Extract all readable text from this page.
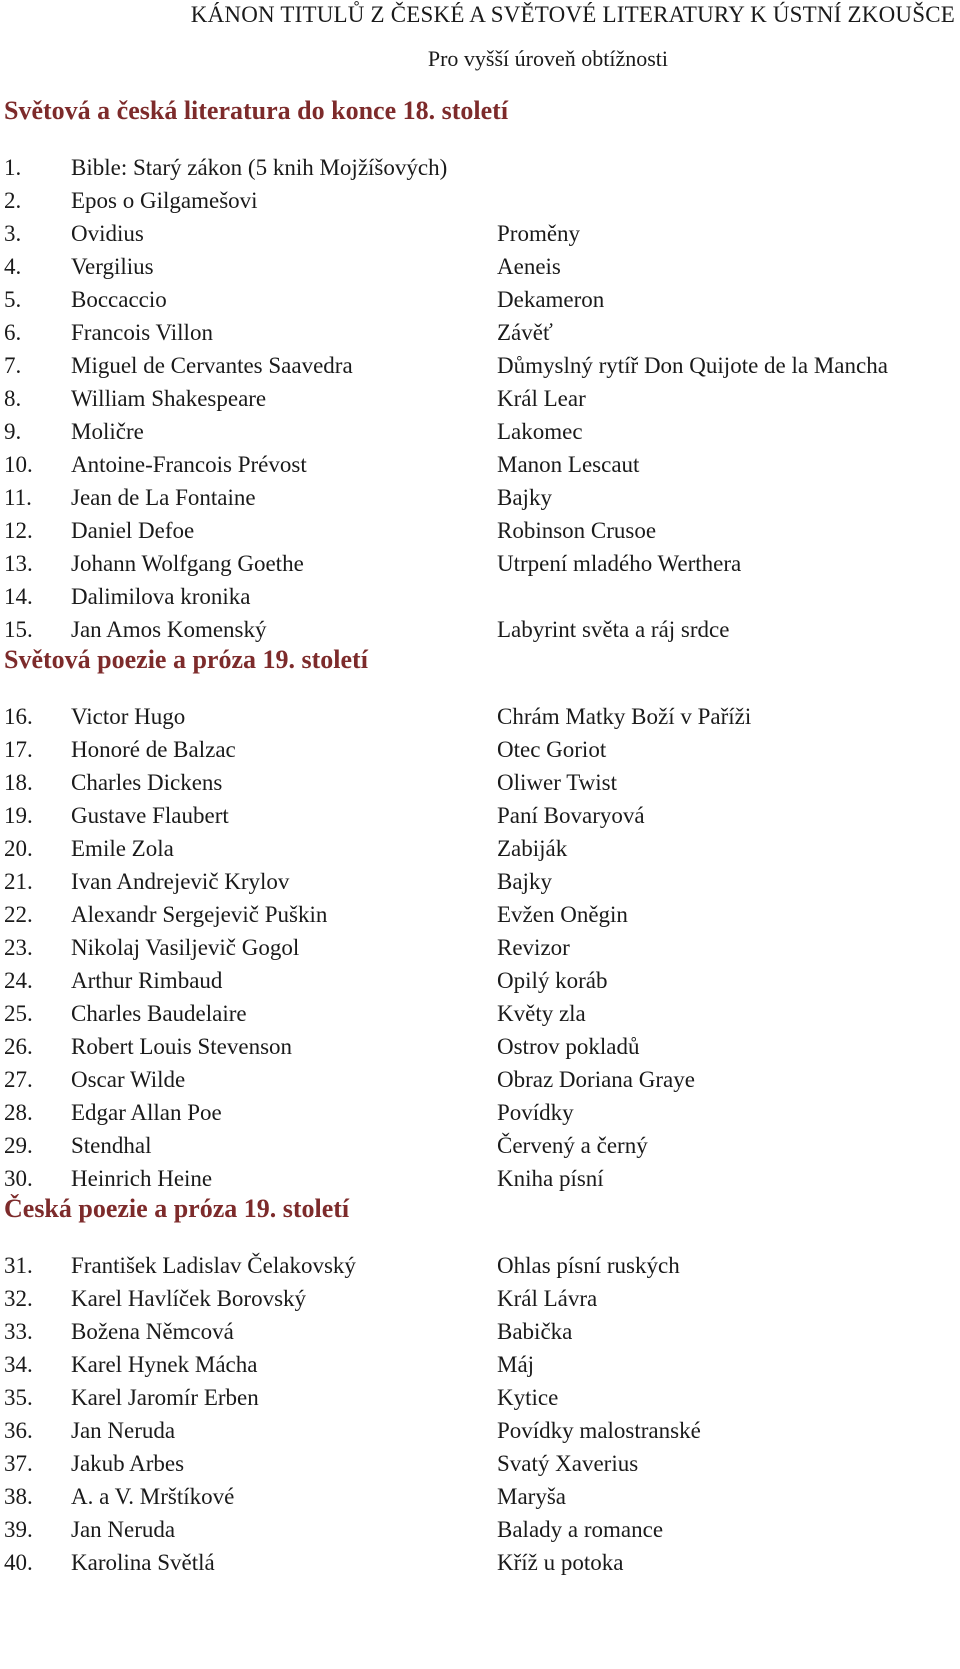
KÁNON TITULŮ Z ČESKÉ A SVĚTOVÉ LITERATURY K ÚSTNÍ ZKOUŠCE
Pro vyšší úroveň obtížnosti
Světová a česká literatura do konce 18. století
1. Bible: Starý zákon (5 knih Mojžíšových)
2. Epos o Gilgamešovi
3. Ovidius	Proměny
4. Vergilius	Aeneis
5. Boccaccio	Dekameron
6. Francois Villon	Závěť
7. Miguel de Cervantes Saavedra	Důmyslný rytíř Don Quijote de la Mancha
8. William Shakespeare	Král Lear
9. Moličre	Lakomec
10. Antoine-Francois Prévost	Manon Lescaut
11. Jean de La Fontaine	Bajky
12. Daniel Defoe	Robinson Crusoe
13. Johann Wolfgang Goethe	Utrpení mladého Werthera
14. Dalimilova kronika
15. Jan Amos Komenský	Labyrint světa a ráj srdce
Světová poezie a próza 19. století
16. Victor Hugo	Chrám Matky Boží v Paříži
17. Honoré de Balzac	Otec Goriot
18. Charles Dickens	Oliwer Twist
19. Gustave Flaubert	Paní Bovaryová
20. Emile Zola	Zabiják
21. Ivan Andrejevič Krylov	Bajky
22. Alexandr Sergejevič Puškin	Evžen Oněgin
23. Nikolaj Vasiljevič Gogol	Revizor
24. Arthur Rimbaud	Opilý koráb
25. Charles Baudelaire	Květy zla
26. Robert Louis Stevenson	Ostrov pokladů
27. Oscar Wilde	Obraz Doriana Graye
28. Edgar Allan Poe	Povídky
29. Stendhal	Červený a černý
30. Heinrich Heine	Kniha písní
Česká poezie a próza 19. století
31. František Ladislav Čelakovský	Ohlas písní ruských
32. Karel Havlíček Borovský	Král Lávra
33. Božena Němcová	Babička
34. Karel Hynek Mácha	Máj
35. Karel Jaromír Erben	Kytice
36. Jan Neruda	Povídky malostranské
37. Jakub Arbes	Svatý Xaverius
38. A. a V. Mrštíkové	Maryša
39. Jan Neruda	Balady a romance
40. Karolina Světlá	Kříž u potoka
